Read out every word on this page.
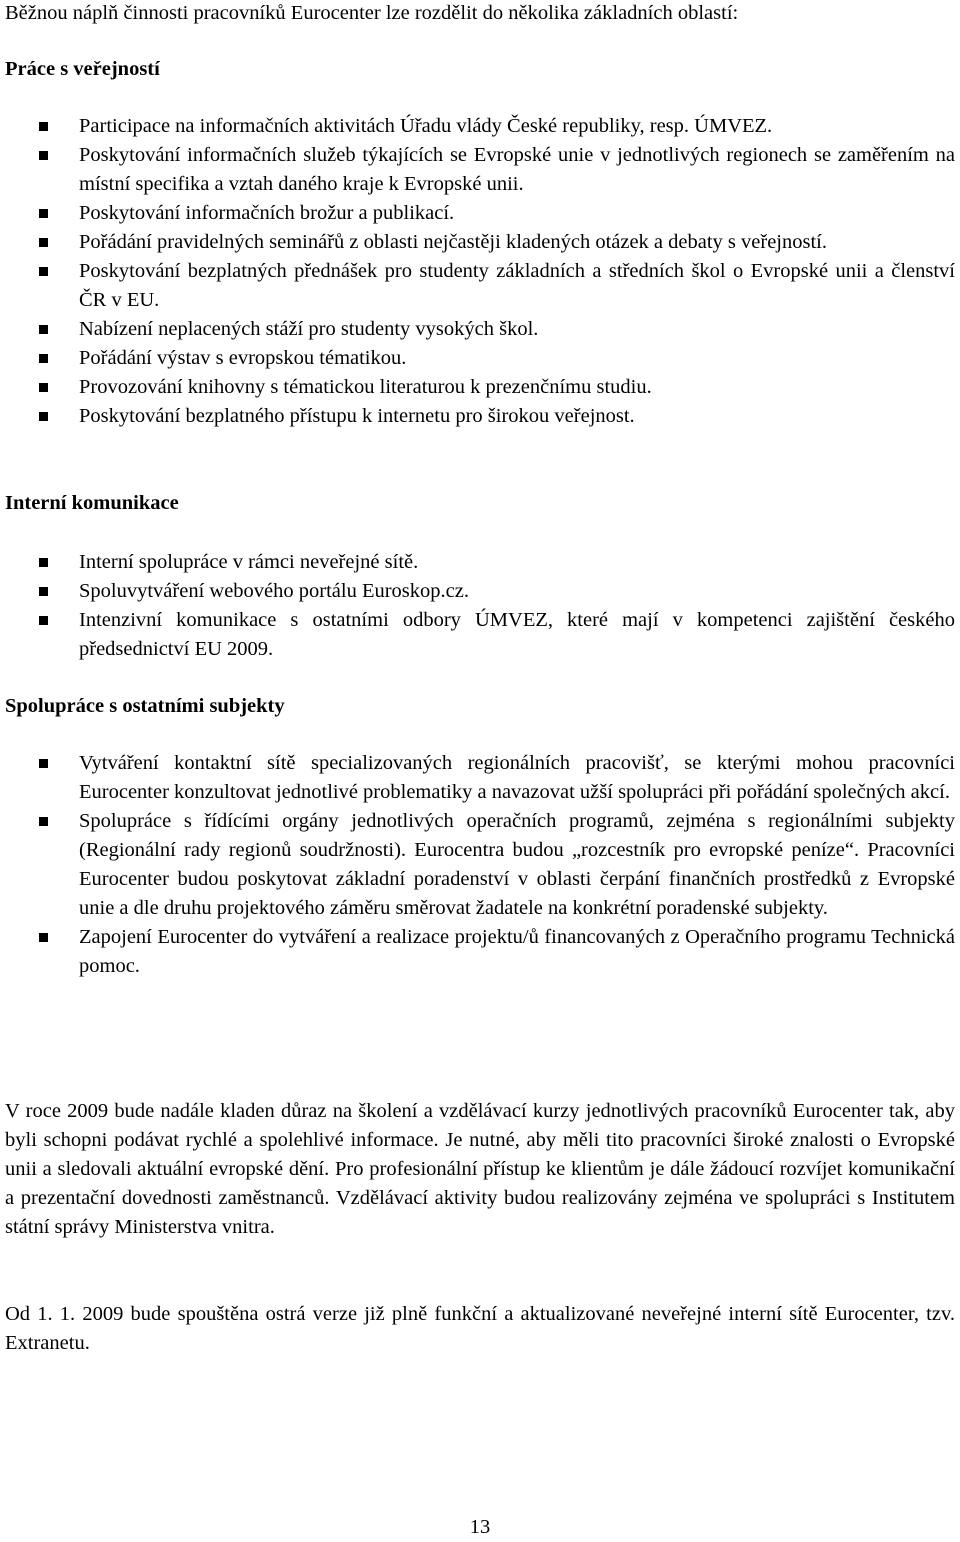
Běžnou náplň činnosti pracovníků Eurocenter lze rozdělit do několika základních oblastí:

Práce s veřejností

Participace na informačních aktivitách Úřadu vlády České republiky, resp. ÚMVEZ.
Poskytování informačních služeb týkajících se Evropské unie v jednotlivých regionech se zaměřením na místní specifika a vztah daného kraje k Evropské unii.
Poskytování informačních brožur a publikací.
Pořádání pravidelných seminářů z oblasti nejčastěji kladených otázek a debaty s veřejností.
Poskytování bezplatných přednášek pro studenty základních a středních škol o Evropské unii a členství ČR v EU.
Nabízení neplacených stáží pro studenty vysokých škol.
Pořádání výstav s evropskou tématikou.
Provozování knihovny s tématickou literaturou k prezenčnímu studiu.
Poskytování bezplatného přístupu k internetu pro širokou veřejnost.

Interní komunikace

Interní spolupráce v rámci neveřejné sítě.
Spoluvytváření webového portálu Euroskop.cz.
Intenzivní komunikace s ostatními odbory ÚMVEZ, které mají v kompetenci zajištění českého předsednictví EU 2009.

Spolupráce s ostatními subjekty

Vytváření kontaktní sítě specializovaných regionálních pracovišť, se kterými mohou pracovníci Eurocenter konzultovat jednotlivé problematiky a navazovat užší spolupráci při pořádání společných akcí.
Spolupráce s řídícími orgány jednotlivých operačních programů, zejména s regionálními subjekty (Regionální rady regionů soudržnosti). Eurocentra budou „rozcestník pro evropské peníze“. Pracovníci Eurocenter budou poskytovat základní poradenství v oblasti čerpání finančních prostředků z Evropské unie a dle druhu projektového záměru směrovat žadatele na konkrétní poradenské subjekty.
Zapojení Eurocenter do vytváření a realizace projektu/ů financovaných z Operačního programu Technická pomoc.

V roce 2009 bude nadále kladen důraz na školení a vzdělávací kurzy jednotlivých pracovníků Eurocenter tak, aby byli schopni podávat rychlé a spolehlivé informace. Je nutné, aby měli tito pracovníci široké znalosti o Evropské unii a sledovali aktuální evropské dění. Pro profesionální přístup ke klientům je dále žádoucí rozvíjet komunikační a prezentační dovednosti zaměstnanců. Vzdělávací aktivity budou realizovány zejména ve spolupráci s Institutem státní správy Ministerstva vnitra.

Od 1. 1. 2009 bude spouštěna ostrá verze již plně funkční a aktualizované neveřejné interní sítě Eurocenter, tzv. Extranetu.

13
